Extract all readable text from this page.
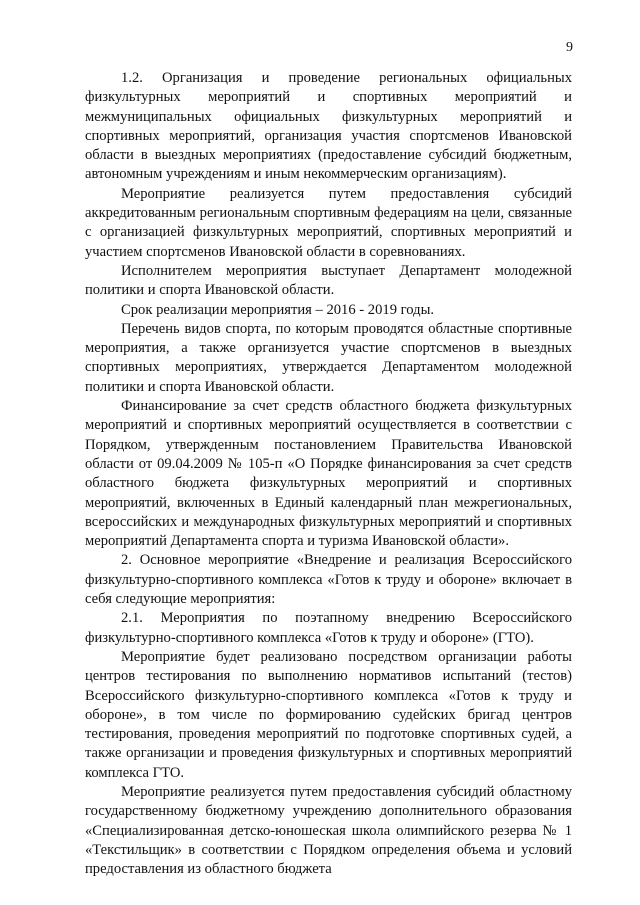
9

1.2. Организация и проведение региональных официальных физкультурных мероприятий и спортивных мероприятий и межмуниципальных официальных физкультурных мероприятий и спортивных мероприятий, организация участия спортсменов Ивановской области в выездных мероприятиях (предоставление субсидий бюджетным, автономным учреждениям и иным некоммерческим организациям).

Мероприятие реализуется путем предоставления субсидий аккредитованным региональным спортивным федерациям на цели, связанные с организацией физкультурных мероприятий, спортивных мероприятий и участием спортсменов Ивановской области в соревнованиях.

Исполнителем мероприятия выступает Департамент молодежной политики и спорта Ивановской области.

Срок реализации мероприятия – 2016 - 2019 годы.

Перечень видов спорта, по которым проводятся областные спортивные мероприятия, а также организуется участие спортсменов в выездных спортивных мероприятиях, утверждается Департаментом молодежной политики и спорта Ивановской области.

Финансирование за счет средств областного бюджета физкультурных мероприятий и спортивных мероприятий осуществляется в соответствии с Порядком, утвержденным постановлением Правительства Ивановской области от 09.04.2009 № 105-п «О Порядке финансирования за счет средств областного бюджета физкультурных мероприятий и спортивных мероприятий, включенных в Единый календарный план межрегиональных, всероссийских и международных физкультурных мероприятий и спортивных мероприятий Департамента спорта и туризма Ивановской области».

2. Основное мероприятие «Внедрение и реализация Всероссийского физкультурно-спортивного комплекса «Готов к труду и обороне» включает в себя следующие мероприятия:

2.1. Мероприятия по поэтапному внедрению Всероссийского физкультурно-спортивного комплекса «Готов к труду и обороне» (ГТО).

Мероприятие будет реализовано посредством организации работы центров тестирования по выполнению нормативов испытаний (тестов) Всероссийского физкультурно-спортивного комплекса «Готов к труду и обороне», в том числе по формированию судейских бригад центров тестирования, проведения мероприятий по подготовке спортивных судей, а также организации и проведения физкультурных и спортивных мероприятий комплекса ГТО.

Мероприятие реализуется путем предоставления субсидий областному государственному бюджетному учреждению дополнительного образования «Специализированная детско-юношеская школа олимпийского резерва № 1 «Текстильщик» в соответствии с Порядком определения объема и условий предоставления из областного бюджета
